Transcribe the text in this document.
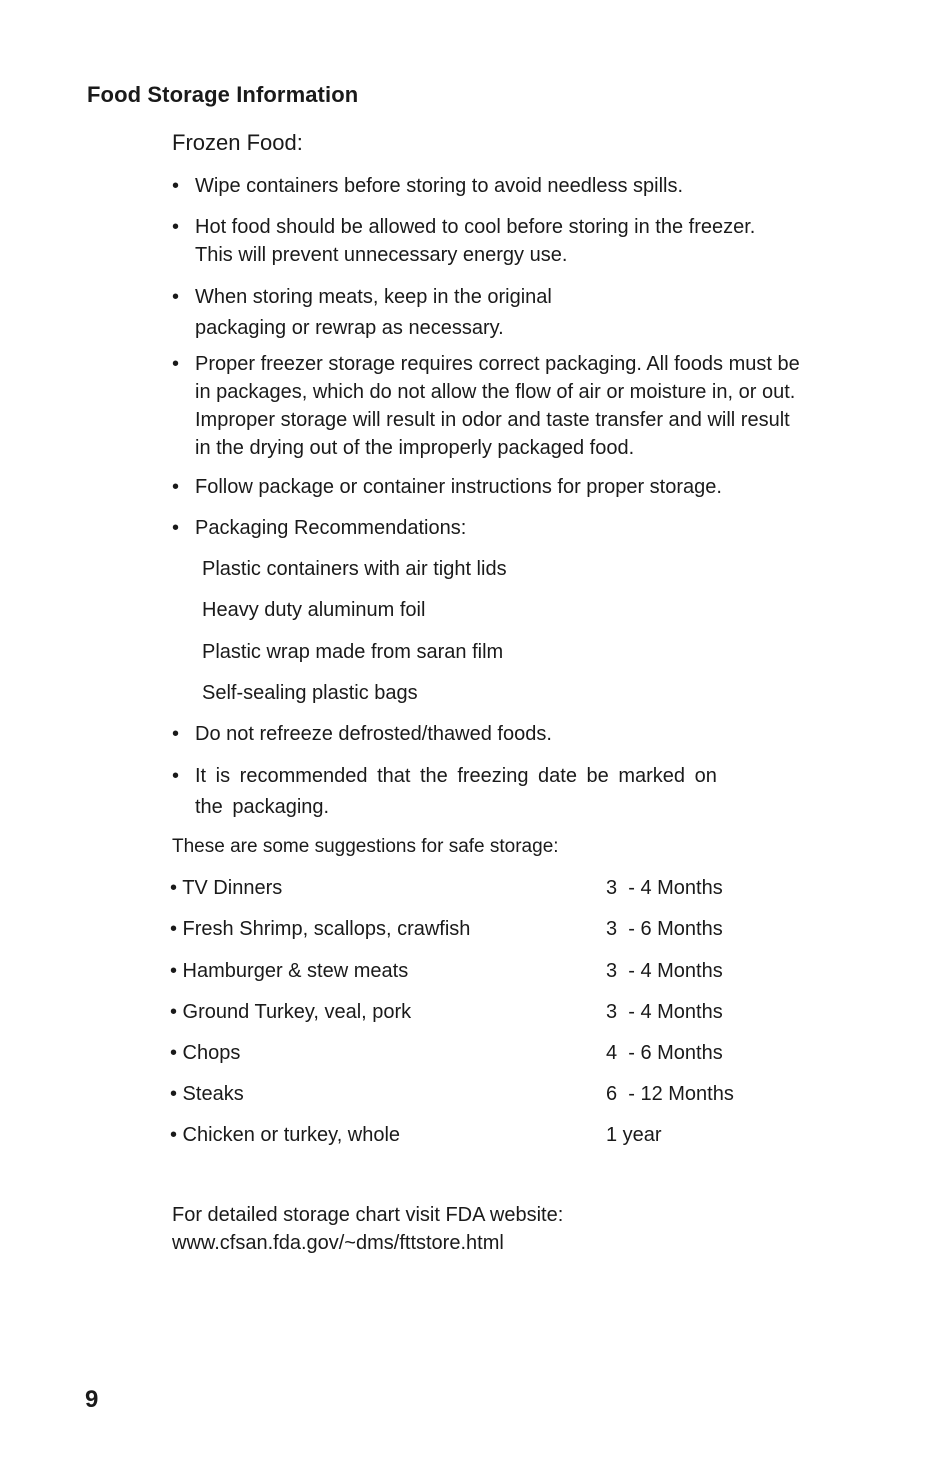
Food Storage Information
Frozen Food:
• Wipe containers before storing to avoid needless spills.
• Hot food should be allowed to cool before storing in the freezer.
This will prevent unnecessary energy use.
• When storing meats, keep in the original
packaging or rewrap as necessary.
• Proper freezer storage requires correct packaging. All foods must be
in packages, which do not allow the flow of air or moisture in, or out.
Improper storage will result in odor and taste transfer and will result
in the drying out of the improperly packaged food.
• Follow package or container instructions for proper storage.
• Packaging Recommendations:
Plastic containers with air tight lids
Heavy duty aluminum foil
Plastic wrap made from saran film
Self-sealing plastic bags
• Do not refreeze defrosted/thawed foods.
• It is recommended that the freezing date be marked on
the packaging.
These are some suggestions for safe storage:
• TV Dinners	3  - 4 Months
• Fresh Shrimp, scallops, crawfish	3  - 6 Months
• Hamburger & stew meats	3  - 4 Months
• Ground Turkey, veal, pork	3  - 4 Months
• Chops	4  - 6 Months
• Steaks	6  - 12 Months
• Chicken or turkey, whole	1 year
For detailed storage chart visit FDA website:
www.cfsan.fda.gov/~dms/fttstore.html
9
